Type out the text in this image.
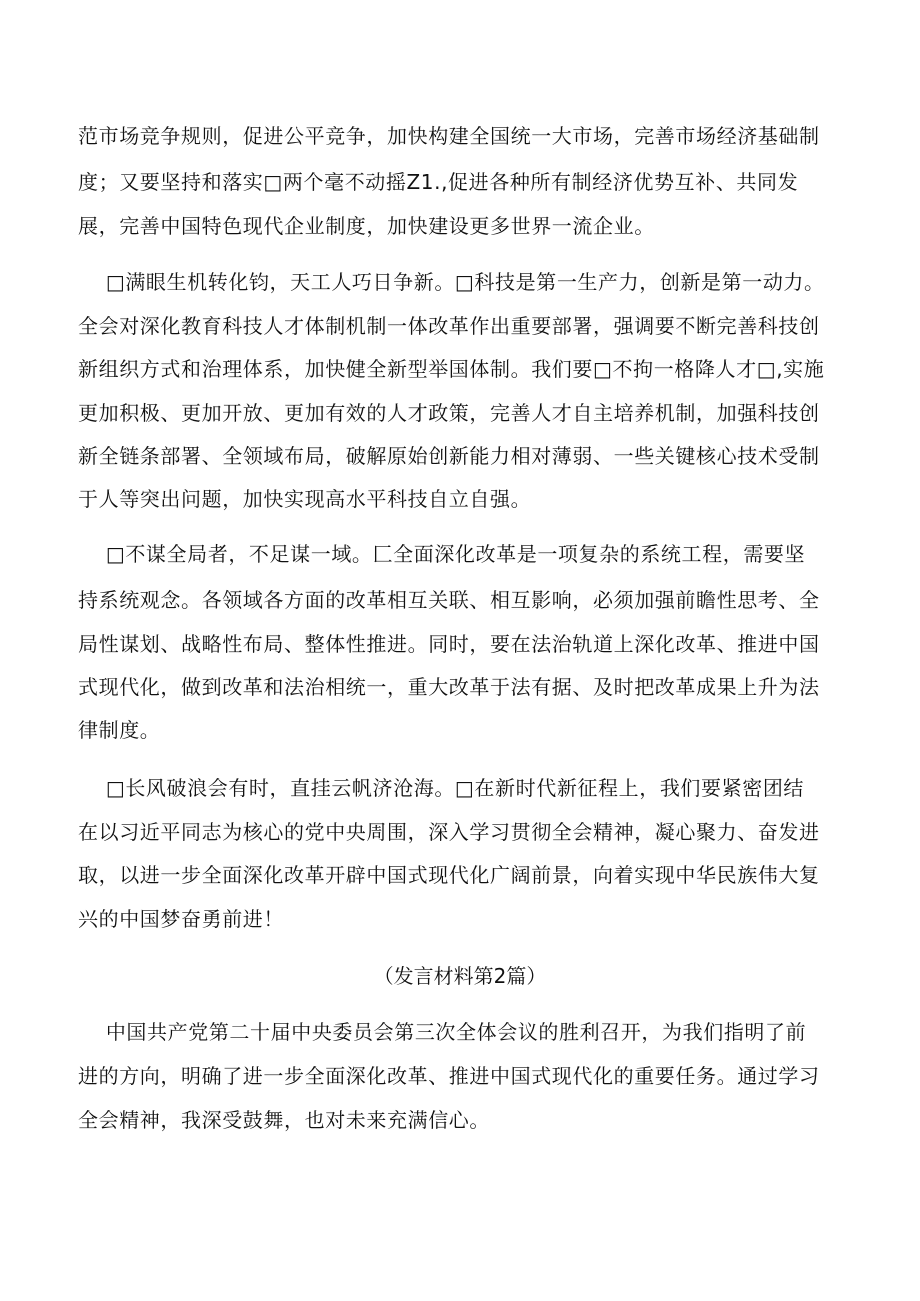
范市场竞争规则，促进公平竞争，加快构建全国统一大市场，完善市场经济基础制
度；又要坚持和落实□两个毫不动摇Z1.,促进各种所有制经济优势互补、共同发
展，完善中国特色现代企业制度，加快建设更多世界一流企业。
□满眼生机转化钧，天工人巧日争新。□科技是第一生产力，创新是第一动力。
全会对深化教育科技人才体制机制一体改革作出重要部署，强调要不断完善科技创
新组织方式和治理体系，加快健全新型举国体制。我们要□不拘一格降人才□,实施
更加积极、更加开放、更加有效的人才政策，完善人才自主培养机制，加强科技创
新全链条部署、全领域布局，破解原始创新能力相对薄弱、一些关键核心技术受制
于人等突出问题，加快实现高水平科技自立自强。
□不谋全局者，不足谋一域。匚全面深化改革是一项复杂的系统工程，需要坚
持系统观念。各领域各方面的改革相互关联、相互影响，必须加强前瞻性思考、全
局性谋划、战略性布局、整体性推进。同时，要在法治轨道上深化改革、推进中国
式现代化，做到改革和法治相统一，重大改革于法有据、及时把改革成果上升为法
律制度。
□长风破浪会有时，直挂云帆济沧海。□在新时代新征程上，我们要紧密团结
在以习近平同志为核心的党中央周围，深入学习贯彻全会精神，凝心聚力、奋发进
取，以进一步全面深化改革开辟中国式现代化广阔前景，向着实现中华民族伟大复
兴的中国梦奋勇前进！
（发言材料第2篇）
中国共产党第二十届中央委员会第三次全体会议的胜利召开，为我们指明了前
进的方向，明确了进一步全面深化改革、推进中国式现代化的重要任务。通过学习
全会精神，我深受鼓舞，也对未来充满信心。
